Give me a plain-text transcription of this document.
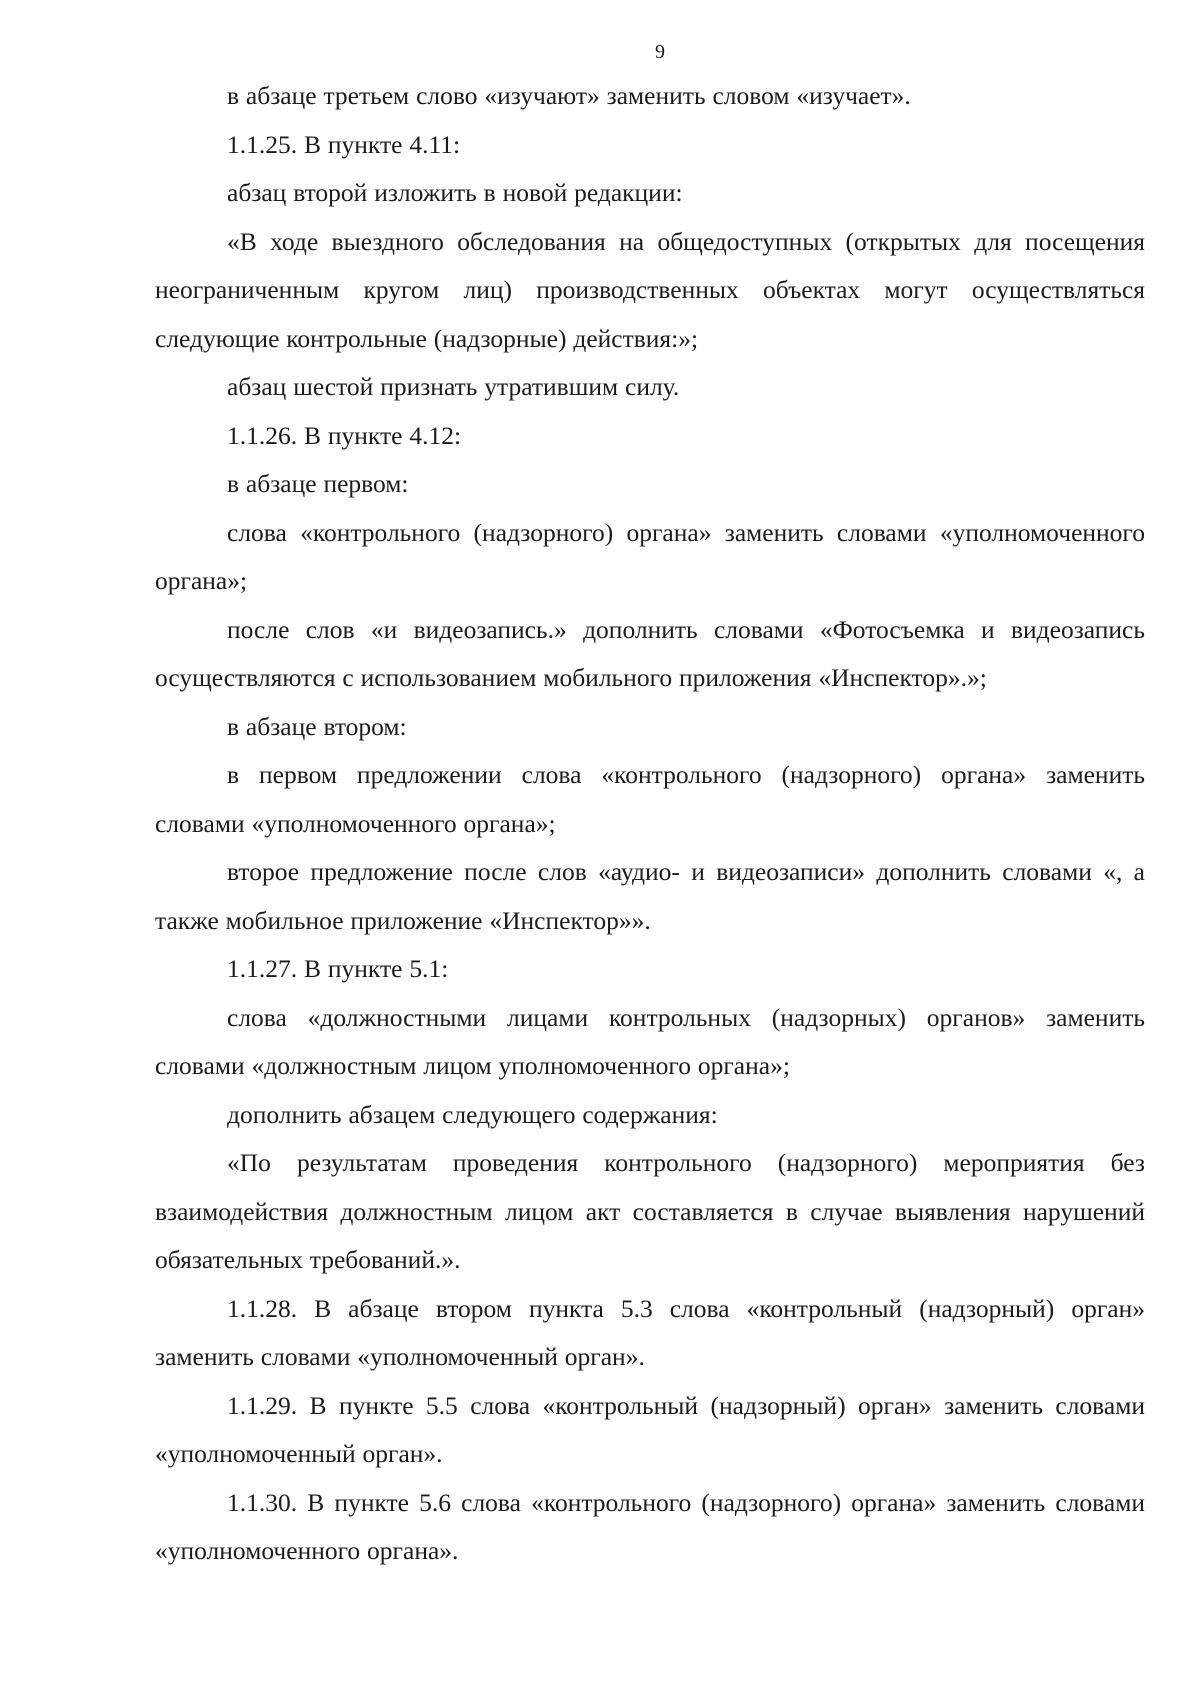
9

в абзаце третьем слово «изучают» заменить словом «изучает».

1.1.25. В пункте 4.11:

абзац второй изложить в новой редакции:

«В ходе выездного обследования на общедоступных (открытых для посещения неограниченным кругом лиц) производственных объектах могут осуществляться следующие контрольные (надзорные) действия:»;

абзац шестой признать утратившим силу.

1.1.26. В пункте 4.12:

в абзаце первом:

слова «контрольного (надзорного) органа» заменить словами «уполномоченного органа»;

после слов «и видеозапись.» дополнить словами «Фотосъемка и видеозапись осуществляются с использованием мобильного приложения «Инспектор».»;

в абзаце втором:

в первом предложении слова «контрольного (надзорного) органа» заменить словами «уполномоченного органа»;

второе предложение после слов «аудио- и видеозаписи» дополнить словами «, а также мобильное приложение «Инспектор»».

1.1.27. В пункте 5.1:

слова «должностными лицами контрольных (надзорных) органов» заменить словами «должностным лицом уполномоченного органа»;

дополнить абзацем следующего содержания:

«По результатам проведения контрольного (надзорного) мероприятия без взаимодействия должностным лицом акт составляется в случае выявления нарушений обязательных требований.».

1.1.28. В абзаце втором пункта 5.3 слова «контрольный (надзорный) орган» заменить словами «уполномоченный орган».

1.1.29. В пункте 5.5 слова «контрольный (надзорный) орган» заменить словами «уполномоченный орган».

1.1.30. В пункте 5.6 слова «контрольного (надзорного) органа» заменить словами «уполномоченного органа».
